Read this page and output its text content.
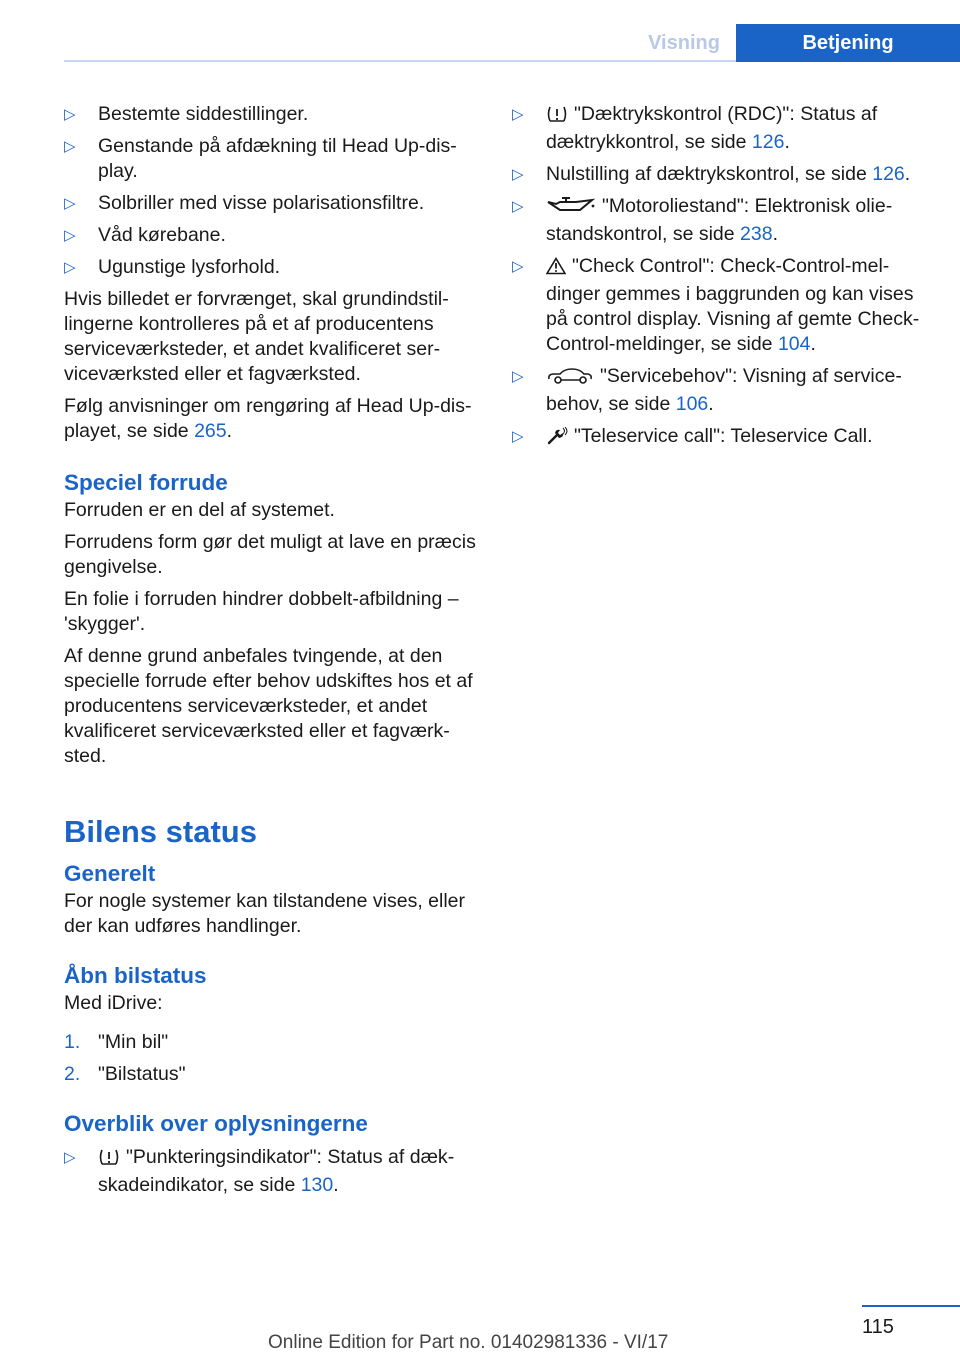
Visning	Betjening
▷	Bestemte siddestillinger.
▷	Genstande på afdækning til Head Up-display.
▷	Solbriller med visse polarisationsfiltre.
▷	Våd kørebane.
▷	Ugunstige lysforhold.

Hvis billedet er forvrænget, skal grundindstillingerne kontrolleres på et af producentens serviceværksteder, et andet kvalificeret serviceværksted eller et fagværksted.

Følg anvisninger om rengøring af Head Up-displayet, se side 265.

Speciel forrude

Forruden er en del af systemet.

Forrudens form gør det muligt at lave en præcis gengivelse.

En folie i forruden hindrer dobbelt-afbildning – 'skygger'.

Af denne grund anbefales tvingende, at den specielle forrude efter behov udskiftes hos et af producentens serviceværksteder, et andet kvalificeret serviceværksted eller et fagværksted.

Bilens status
Generelt

For nogle systemer kan tilstandene vises, eller der kan udføres handlinger.

Åbn bilstatus

Med iDrive:

1. "Min bil"
2. "Bilstatus"
Overblik over oplysningerne
▷	"Punkteringsindikator": Status af dækskadeindikator, se side 130.
▷	"Dæktrykskontrol (RDC)": Status af dæktrykkontrol, se side 126.
▷	Nulstilling af dæktrykskontrol, se side 126.
▷	"Motoroliestand": Elektronisk oliestandskontrol, se side 238.
▷	"Check Control": Check-Control-meldinger gemmes i baggrunden og kan vises på control display. Visning af gemte Check-Control-meldinger, se side 104.
▷	"Servicebehov": Visning af servicebehov, se side 106.
▷	"Teleservice call": Teleservice Call.
115
Online Edition for Part no. 01402981336 - VI/17
